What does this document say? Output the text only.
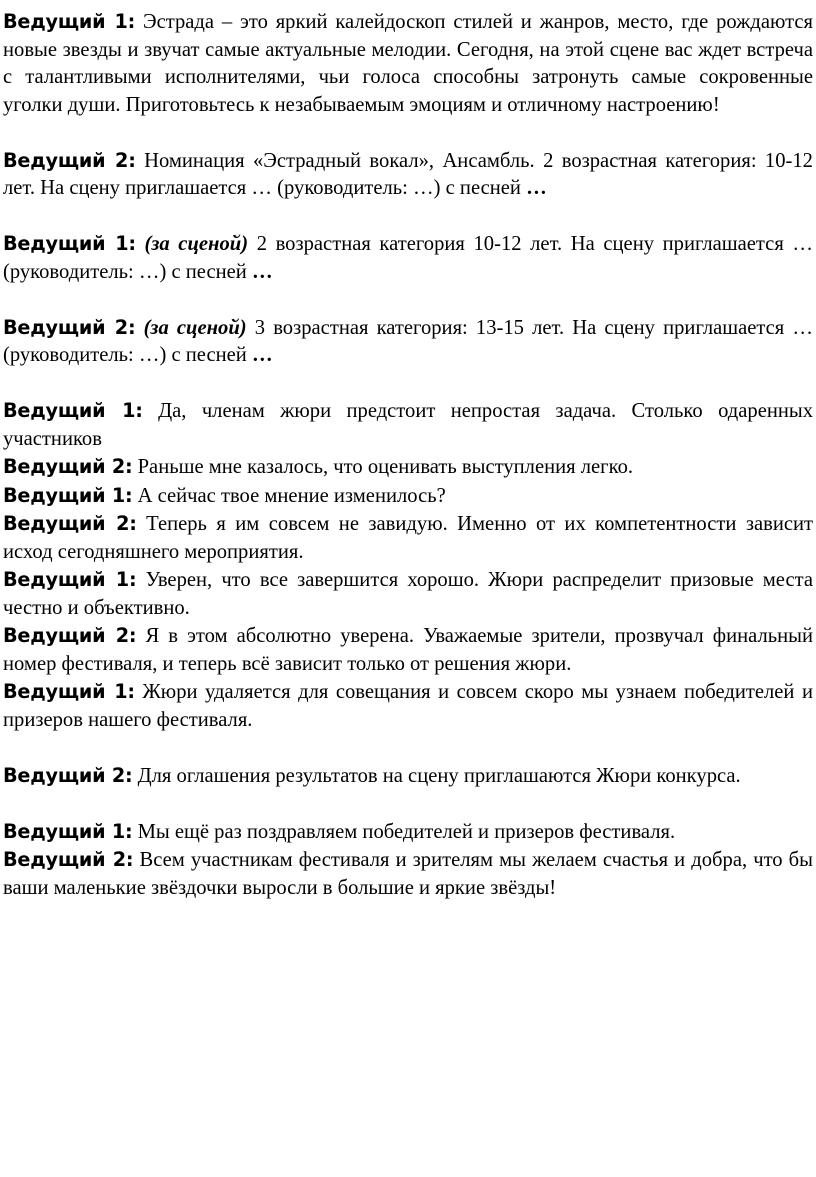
Ведущий 1: Эстрада – это яркий калейдоскоп стилей и жанров, место, где рождаются новые звезды и звучат самые актуальные мелодии. Сегодня, на этой сцене вас ждет встреча с талантливыми исполнителями, чьи голоса способны затронуть самые сокровенные уголки души. Приготовьтесь к незабываемым эмоциям и отличному настроению!

Ведущий 2: Номинация «Эстрадный вокал», Ансамбль. 2 возрастная категория: 10-12 лет. На сцену приглашается … (руководитель: …) с песней …

Ведущий 1: (за сценой) 2 возрастная категория 10-12 лет. На сцену приглашается … (руководитель: …) с песней …

Ведущий 2: (за сценой) 3 возрастная категория: 13-15 лет. На сцену приглашается … (руководитель: …) с песней …

Ведущий 1: Да, членам жюри предстоит непростая задача. Столько одаренных участников

Ведущий 2: Раньше мне казалось, что оценивать выступления легко.

Ведущий 1: А сейчас твое мнение изменилось?

Ведущий 2: Теперь я им совсем не завидую. Именно от их компетентности зависит исход сегодняшнего мероприятия.

Ведущий 1: Уверен, что все завершится хорошо. Жюри распределит призовые места честно и объективно.

Ведущий 2: Я в этом абсолютно уверена. Уважаемые зрители, прозвучал финальный номер фестиваля, и теперь всё зависит только от решения жюри.

Ведущий 1: Жюри удаляется для совещания и совсем скоро мы узнаем победителей и призеров нашего фестиваля.

Ведущий 2: Для оглашения результатов на сцену приглашаются Жюри конкурса.

Ведущий 1: Мы ещё раз поздравляем победителей и призеров фестиваля.

Ведущий 2: Всем участникам фестиваля и зрителям мы желаем счастья и добра, что бы ваши маленькие звёздочки выросли в большие и яркие звёзды!
